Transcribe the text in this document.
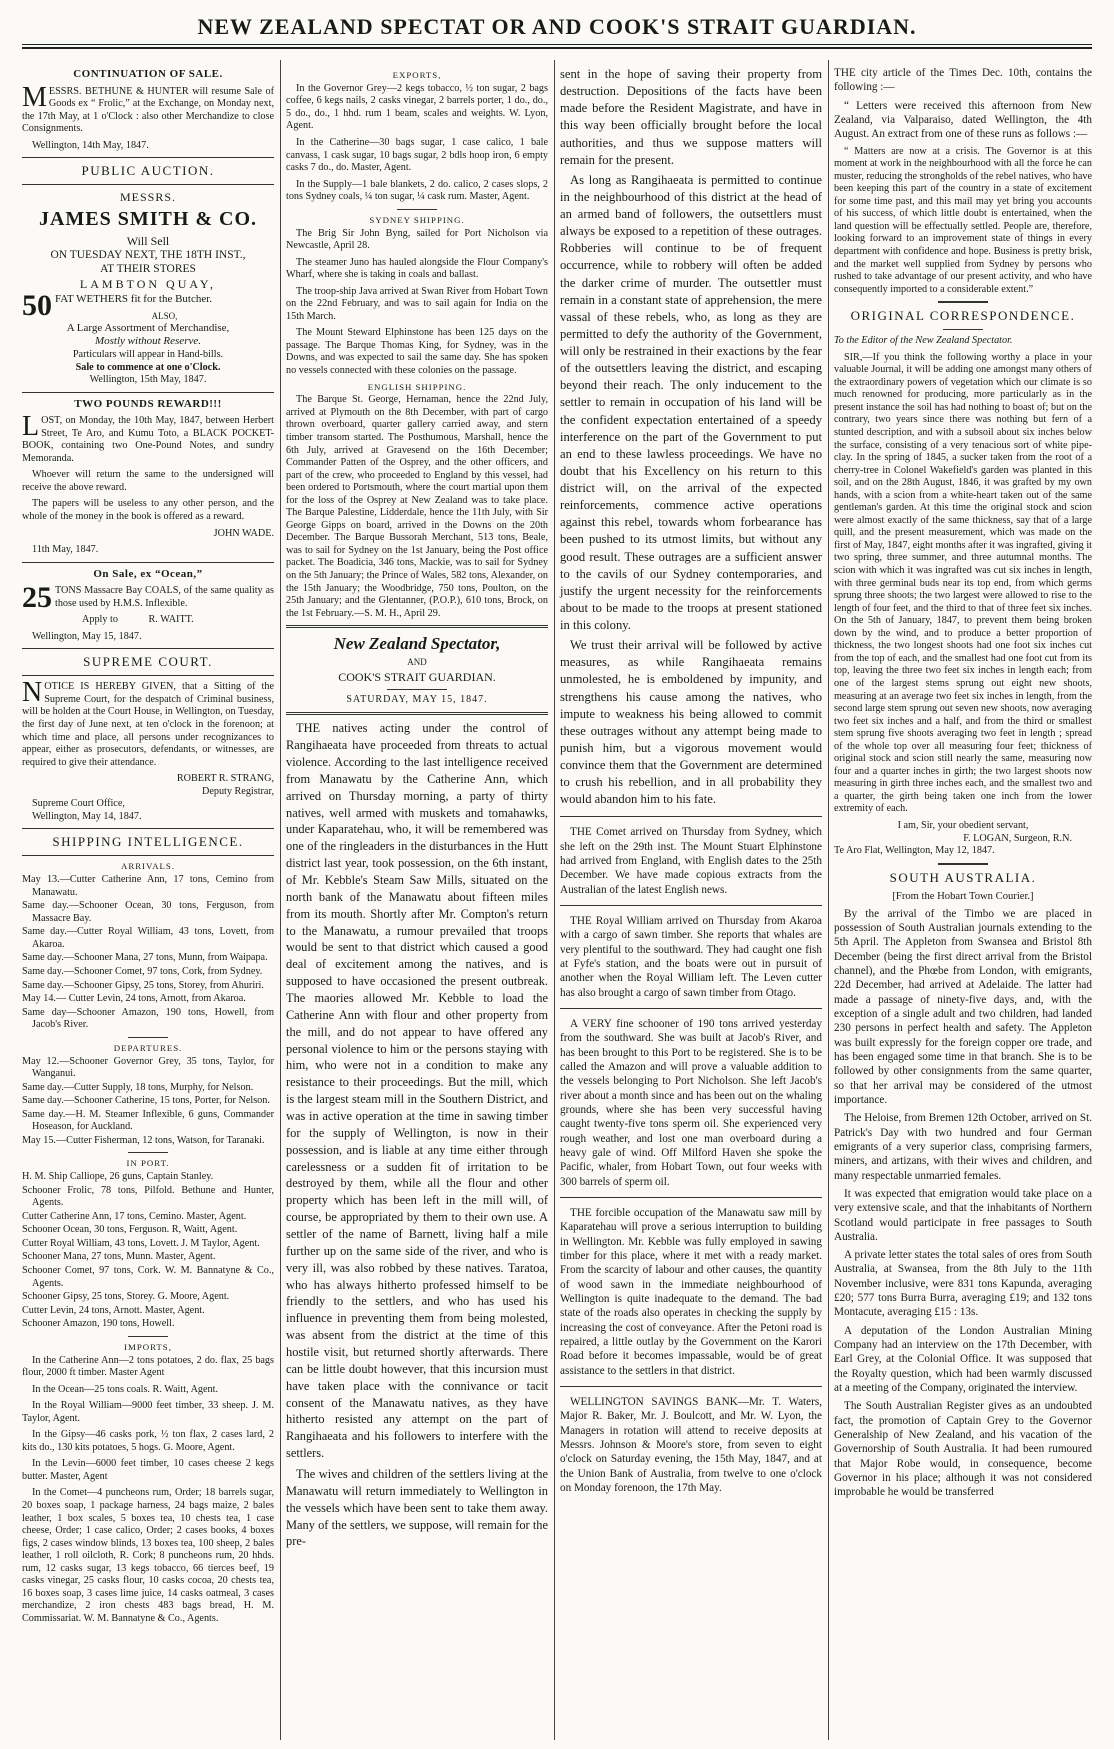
NEW ZEALAND SPECTAT OR AND COOK'S STRAIT GUARDIAN.
CONTINUATION OF SALE.

MESSRS. BETHUNE & HUNTER will resume Sale of Goods ex “ Frolic,” at the Exchange, on Monday next, the 17th May, at 1 o'Clock : also other Merchandize to close Consignments.

Wellington, 14th May, 1847.

PUBLIC AUCTION.
MESSRS.
JAMES SMITH & CO.
Will Sell
ON TUESDAY NEXT, THE 18TH INST.,
AT THEIR STORES
LAMBTON QUAY,

50 FAT WETHERS fit for the Butcher.

ALSO,
A Large Assortment of Merchandise,
Mostly without Reserve.
Particulars will appear in Hand-bills.
Sale to commence at one o'Clock.
Wellington, 15th May, 1847.
TWO POUNDS REWARD!!!

LOST, on Monday, the 10th May, 1847, between Herbert Street, Te Aro, and Kumu Toto, a BLACK POCKET-BOOK, containing two One-Pound Notes, and sundry Memoranda.

Whoever will return the same to the undersigned will receive the above reward.

The papers will be useless to any other person, and the whole of the money in the book is offered as a reward.

JOHN WADE.

11th May, 1847.

On Sale, ex “Ocean,”

25 TONS Massacre Bay COALS, of the same quality as those used by H.M.S. Inflexible.

Apply to	R. WAITT.

Wellington, May 15, 1847.

SUPREME COURT.

NOTICE IS HEREBY GIVEN, that a Sitting of the Supreme Court, for the despatch of Criminal business, will be holden at the Court House, in Wellington, on Tuesday, the first day of June next, at ten o'clock in the forenoon; at which time and place, all persons under recognizances to appear, either as prosecutors, defendants, or witnesses, are required to give their attendance.

ROBERT R. STRANG,

Deputy Registrar,

Supreme Court Office,

Wellington, May 14, 1847.

SHIPPING INTELLIGENCE.
ARRIVALS.

May 13.—Cutter Catherine Ann, 17 tons, Cemino from Manawatu.

Same day.—Schooner Ocean, 30 tons, Ferguson, from Massacre Bay.

Same day.—Cutter Royal William, 43 tons, Lovett, from Akaroa.

Same day.—Schooner Mana, 27 tons, Munn, from Waipapa.

Same day.—Schooner Comet, 97 tons, Cork, from Sydney.

Same day.—Schooner Gipsy, 25 tons, Storey, from Ahuriri.

May 14.— Cutter Levin, 24 tons, Arnott, from Akaroa.

Same day—Schooner Amazon, 190 tons, Howell, from Jacob's River.

DEPARTURES.

May 12.—Schooner Governor Grey, 35 tons, Taylor, for Wanganui.

Same day.—Cutter Supply, 18 tons, Murphy, for Nelson.

Same day.—Schooner Catherine, 15 tons, Porter, for Nelson.

Same day.—H. M. Steamer Inflexible, 6 guns, Commander Hoseason, for Auckland.

May 15.—Cutter Fisherman, 12 tons, Watson, for Taranaki.

IN PORT.

H. M. Ship Calliope, 26 guns, Captain Stanley.

Schooner Frolic, 78 tons, Pilfold. Bethune and Hunter, Agents.

Cutter Catherine Ann, 17 tons, Cemino. Master, Agent.

Schooner Ocean, 30 tons, Ferguson. R, Waitt, Agent.

Cutter Royal William, 43 tons, Lovett. J. M Taylor, Agent.

Schooner Mana, 27 tons, Munn. Master, Agent.

Schooner Comet, 97 tons, Cork. W. M. Bannatyne & Co., Agents.

Schooner Gipsy, 25 tons, Storey. G. Moore, Agent.

Cutter Levin, 24 tons, Arnott. Master, Agent.

Schooner Amazon, 190 tons, Howell.

IMPORTS,

In the Catherine Ann—2 tons potatoes, 2 do. flax, 25 bags flour, 2000 ft timber. Master Agent

In the Ocean—25 tons coals. R. Waitt, Agent.

In the Royal William—9000 feet timber, 33 sheep. J. M. Taylor, Agent.

In the Gipsy—46 casks pork, ½ ton flax, 2 cases lard, 2 kits do., 130 kits potatoes, 5 hogs. G. Moore, Agent.

In the Levin—6000 feet timber, 10 cases cheese 2 kegs butter. Master, Agent

In the Comet—4 puncheons rum, Order; 18 barrels sugar, 20 boxes soap, 1 package harness, 24 bags maize, 2 bales leather, 1 box scales, 5 boxes tea, 10 chests tea, 1 case cheese, Order; 1 case calico, Order; 2 cases books, 4 boxes figs, 2 cases window blinds, 13 boxes tea, 100 sheep, 2 bales leather, 1 roll oilcloth, R. Cork; 8 puncheons rum, 20 hhds. rum, 12 casks sugar, 13 kegs tobacco, 66 tierces beef, 19 casks vinegar, 25 casks flour, 10 casks cocoa, 20 chests tea, 16 boxes soap, 3 cases lime juice, 14 casks oatmeal, 3 cases merchandize, 2 iron chests 483 bags bread, H. M. Commissariat. W. M. Bannatyne & Co., Agents.

EXPORTS,

In the Governor Grey—2 kegs tobacco, ½ ton sugar, 2 bags coffee, 6 kegs nails, 2 casks vinegar, 2 barrels porter, 1 do., do., 5 do., do., 1 hhd. rum 1 beam, scales and weights. W. Lyon, Agent.

In the Catherine—30 bags sugar, 1 case calico, 1 bale canvass, 1 cask sugar, 10 bags sugar, 2 bdls hoop iron, 6 empty casks 7 do., do. Master, Agent.

In the Supply—1 bale blankets, 2 do. calico, 2 cases slops, 2 tons Sydney coals, ¼ ton sugar, ¼ cask rum. Master, Agent.

SYDNEY SHIPPING.

The Brig Sir John Byng, sailed for Port Nicholson via Newcastle, April 28.

The steamer Juno has hauled alongside the Flour Company's Wharf, where she is taking in coals and ballast.

The troop-ship Java arrived at Swan River from Hobart Town on the 22nd February, and was to sail again for India on the 15th March.

The Mount Steward Elphinstone has been 125 days on the passage. The Barque Thomas King, for Sydney, was in the Downs, and was expected to sail the same day. She has spoken no vessels connected with these colonies on the passage.

ENGLISH SHIPPING.

The Barque St. George, Hernaman, hence the 22nd July, arrived at Plymouth on the 8th December, with part of cargo thrown overboard, quarter gallery carried away, and stern timber transom started. The Posthumous, Marshall, hence the 6th July, arrived at Gravesend on the 16th December; Commander Patten of the Osprey, and the other officers, and part of the crew, who proceeded to England by this vessel, had been ordered to Portsmouth, where the court martial upon them for the loss of the Osprey at New Zealand was to take place. The Barque Palestine, Lidderdale, hence the 11th July, with Sir George Gipps on board, arrived in the Downs on the 20th December. The Barque Bussorah Merchant, 513 tons, Beale, was to sail for Sydney on the 1st January, being the Post office packet. The Boadicia, 346 tons, Mackie, was to sail for Sydney on the 5th January; the Prince of Wales, 582 tons, Alexander, on the 15th January; the Woodbridge, 750 tons, Poulton, on the 25th January; and the Glentanner, (P.O.P.), 610 tons, Brock, on the 1st February.—S. M. H., April 29.

New Zealand Spectator,
AND
COOK'S STRAIT GUARDIAN.
SATURDAY, MAY 15, 1847.

THE natives acting under the control of Rangihaeata have proceeded from threats to actual violence. According to the last intelligence received from Manawatu by the Catherine Ann, which arrived on Thursday morning, a party of thirty natives, well armed with muskets and tomahawks, under Kaparatehau, who, it will be remembered was one of the ringleaders in the disturbances in the Hutt district last year, took possession, on the 6th instant, of Mr. Kebble's Steam Saw Mills, situated on the north bank of the Manawatu about fifteen miles from its mouth. Shortly after Mr. Compton's return to the Manawatu, a rumour prevailed that troops would be sent to that district which caused a good deal of excitement among the natives, and is supposed to have occasioned the present outbreak. The maories allowed Mr. Kebble to load the Catherine Ann with flour and other property from the mill, and do not appear to have offered any personal violence to him or the persons staying with him, who were not in a condition to make any resistance to their proceedings. But the mill, which is the largest steam mill in the Southern District, and was in active operation at the time in sawing timber for the supply of Wellington, is now in their possession, and is liable at any time either through carelessness or a sudden fit of irritation to be destroyed by them, while all the flour and other property which has been left in the mill will, of course, be appropriated by them to their own use. A settler of the name of Barnett, living half a mile further up on the same side of the river, and who is very ill, was also robbed by these natives. Taratoa, who has always hitherto professed himself to be friendly to the settlers, and who has used his influence in preventing them from being molested, was absent from the district at the time of this hostile visit, but returned shortly afterwards. There can be little doubt however, that this incursion must have taken place with the connivance or tacit consent of the Manawatu natives, as they have hitherto resisted any attempt on the part of Rangihaeata and his followers to interfere with the settlers.

The wives and children of the settlers living at the Manawatu will return immediately to Wellington in the vessels which have been sent to take them away. Many of the settlers, we suppose, will remain for the pre-

sent in the hope of saving their property from destruction. Depositions of the facts have been made before the Resident Magistrate, and have in this way been officially brought before the local authorities, and thus we suppose matters will remain for the present.

As long as Rangihaeata is permitted to continue in the neighbourhood of this district at the head of an armed band of followers, the outsettlers must always be exposed to a repetition of these outrages. Robberies will continue to be of frequent occurrence, while to robbery will often be added the darker crime of murder. The outsettler must remain in a constant state of apprehension, the mere vassal of these rebels, who, as long as they are permitted to defy the authority of the Government, will only be restrained in their exactions by the fear of the outsettlers leaving the district, and escaping beyond their reach. The only inducement to the settler to remain in occupation of his land will be the confident expectation entertained of a speedy interference on the part of the Government to put an end to these lawless proceedings. We have no doubt that his Excellency on his return to this district will, on the arrival of the expected reinforcements, commence active operations against this rebel, towards whom forbearance has been pushed to its utmost limits, but without any good result. These outrages are a sufficient answer to the cavils of our Sydney contemporaries, and justify the urgent necessity for the reinforcements about to be made to the troops at present stationed in this colony.

We trust their arrival will be followed by active measures, as while Rangihaeata remains unmolested, he is emboldened by impunity, and strengthens his cause among the natives, who impute to weakness his being allowed to commit these outrages without any attempt being made to punish him, but a vigorous movement would convince them that the Government are determined to crush his rebellion, and in all probability they would abandon him to his fate.

THE Comet arrived on Thursday from Sydney, which she left on the 29th inst. The Mount Stuart Elphinstone had arrived from England, with English dates to the 25th December. We have made copious extracts from the Australian of the latest English news.

THE Royal William arrived on Thursday from Akaroa with a cargo of sawn timber. She reports that whales are very plentiful to the southward. They had caught one fish at Fyfe's station, and the boats were out in pursuit of another when the Royal William left. The Leven cutter has also brought a cargo of sawn timber from Otago.

A VERY fine schooner of 190 tons arrived yesterday from the southward. She was built at Jacob's River, and has been brought to this Port to be registered. She is to be called the Amazon and will prove a valuable addition to the vessels belonging to Port Nicholson. She left Jacob's river about a month since and has been out on the whaling grounds, where she has been very successful having caught twenty-five tons sperm oil. She experienced very rough weather, and lost one man overboard during a heavy gale of wind. Off Milford Haven she spoke the Pacific, whaler, from Hobart Town, out four weeks with 300 barrels of sperm oil.

THE forcible occupation of the Manawatu saw mill by Kaparatehau will prove a serious interruption to building in Wellington. Mr. Kebble was fully employed in sawing timber for this place, where it met with a ready market. From the scarcity of labour and other causes, the quantity of wood sawn in the immediate neighbourhood of Wellington is quite inadequate to the demand. The bad state of the roads also operates in checking the supply by increasing the cost of conveyance. After the Petoni road is repaired, a little outlay by the Government on the Karori Road before it becomes impassable, would be of great assistance to the settlers in that district.

WELLINGTON SAVINGS BANK—Mr. T. Waters, Major R. Baker, Mr. J. Boulcott, and Mr. W. Lyon, the Managers in rotation will attend to receive deposits at Messrs. Johnson & Moore's store, from seven to eight o'clock on Saturday evening, the 15th May, 1847, and at the Union Bank of Australia, from twelve to one o'clock on Monday forenoon, the 17th May.

THE city article of the Times Dec. 10th, contains the following :—

“ Letters were received this afternoon from New Zealand, via Valparaiso, dated Wellington, the 4th August. An extract from one of these runs as follows :—

“ Matters are now at a crisis. The Governor is at this moment at work in the neighbourhood with all the force he can muster, reducing the strongholds of the rebel natives, who have been keeping this part of the country in a state of excitement for some time past, and this mail may yet bring you accounts of his success, of which little doubt is entertained, when the land question will be effectually settled. People are, therefore, looking forward to an improvement state of things in every department with confidence and hope. Business is pretty brisk, and the market well supplied from Sydney by persons who rushed to take advantage of our present activity, and who have consequently imported to a considerable extent.”

ORIGINAL CORRESPONDENCE.

To the Editor of the New Zealand Spectator.

SIR,—If you think the following worthy a place in your valuable Journal, it will be adding one amongst many others of the extraordinary powers of vegetation which our climate is so much renowned for producing, more particularly as in the present instance the soil has had nothing to boast of; but on the contrary, two years since there was nothing but fern of a stunted description, and with a subsoil about six inches below the surface, consisting of a very tenacious sort of white pipe-clay. In the spring of 1845, a sucker taken from the root of a cherry-tree in Colonel Wakefield's garden was planted in this soil, and on the 28th August, 1846, it was grafted by my own hands, with a scion from a white-heart taken out of the same gentleman's garden. At this time the original stock and scion were almost exactly of the same thickness, say that of a large quill, and the present measurement, which was made on the first of May, 1847, eight months after it was ingrafted, giving it two spring, three summer, and three autumnal months. The scion with which it was ingrafted was cut six inches in length, with three germinal buds near its top end, from which germs sprung three shoots; the two largest were allowed to rise to the length of four feet, and the third to that of three feet six inches. On the 5th of January, 1847, to prevent them being broken down by the wind, and to produce a better proportion of thickness, the two longest shoots had one foot six inches cut from the top of each, and the smallest had one foot cut from its top, leaving the three two feet six inches in length each; from one of the largest stems sprung out eight new shoots, measuring at an average two feet six inches in length, from the second large stem sprung out seven new shoots, now averaging two feet six inches and a half, and from the third or smallest stem sprung five shoots averaging two feet in length ; spread of the whole top over all measuring four feet; thickness of original stock and scion still nearly the same, measuring now four and a quarter inches in girth; the two largest shoots now measuring in girth three inches each, and the smallest two and a quarter, the girth being taken one inch from the lower extremity of each.

I am, Sir, your obedient servant,

F. LOGAN, Surgeon, R.N.

Te Aro Flat, Wellington, May 12, 1847.

SOUTH AUSTRALIA.

[From the Hobart Town Courier.]

By the arrival of the Timbo we are placed in possession of South Australian journals extending to the 5th April. The Appleton from Swansea and Bristol 8th December (being the first direct arrival from the Bristol channel), and the Phœbe from London, with emigrants, 22d December, had arrived at Adelaide. The latter had made a passage of ninety-five days, and, with the exception of a single adult and two children, had landed 230 persons in perfect health and safety. The Appleton was built expressly for the foreign copper ore trade, and has been engaged some time in that branch. She is to be followed by other consignments from the same quarter, so that her arrival may be considered of the utmost importance.

The Heloise, from Bremen 12th October, arrived on St. Patrick's Day with two hundred and four German emigrants of a very superior class, comprising farmers, miners, and artizans, with their wives and children, and many respectable unmarried females.

It was expected that emigration would take place on a very extensive scale, and that the inhabitants of Northern Scotland would participate in free passages to South Australia.

A private letter states the total sales of ores from South Australia, at Swansea, from the 8th July to the 11th November inclusive, were 831 tons Kapunda, averaging £20; 577 tons Burra Burra, averaging £19; and 132 tons Montacute, averaging £15 : 13s.

A deputation of the London Australian Mining Company had an interview on the 17th December, with Earl Grey, at the Colonial Office. It was supposed that the Royalty question, which had been warmly discussed at a meeting of the Company, originated the interview.

The South Australian Register gives as an undoubted fact, the promotion of Captain Grey to the Governor Generalship of New Zealand, and his vacation of the Governorship of South Australia. It had been rumoured that Major Robe would, in consequence, become Governor in his place; although it was not considered improbable he would be transferred
